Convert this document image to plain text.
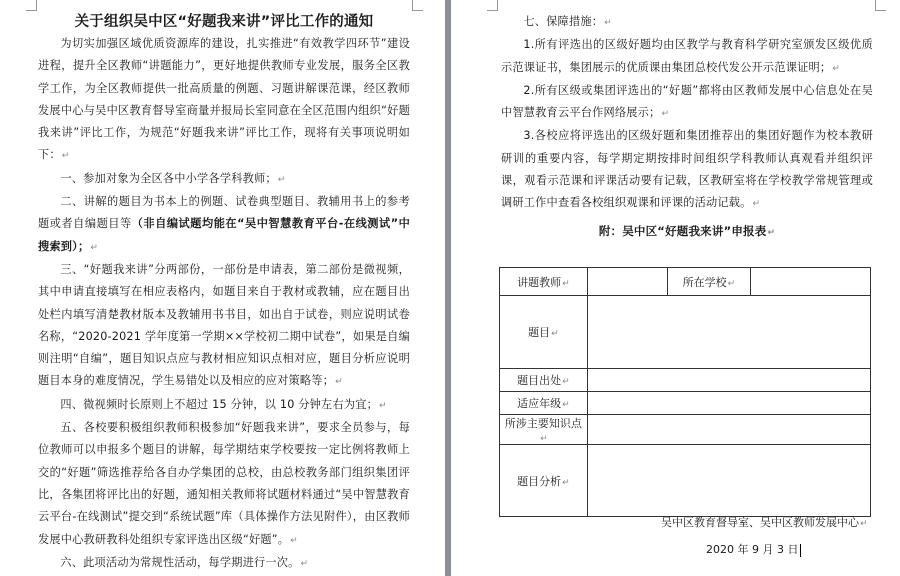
关于组织吴中区“好题我来讲”评比工作的通知

为切实加强区域优质资源库的建设，扎实推进“有效教学四环节”建设进程，提升全区教师“讲题能力”，更好地提供教师专业发展，服务全区教学工作，为全区教师提供一批高质量的例题、习题讲解课范课，经区教师发展中心与吴中区教育督导室商量并报局长室同意在全区范围内组织“好题我来讲”评比工作，为规范“好题我来讲”评比工作，现将有关事项说明如下：↵

一、参加对象为全区各中小学各学科教师；↵

二、讲解的题目为书本上的例题、试卷典型题目、教辅用书上的参考题或者自编题目等（非自编试题均能在“吴中智慧教育平台-在线测试”中搜索到）；↵

三、“好题我来讲”分两部份，一部份是申请表，第二部份是微视频，其中申请直接填写在相应表格内，如题目来自于教材或教辅，应在题目出处栏内填写清楚教材版本及教辅用书书目，如出自于试卷，则应说明试卷名称，“2020-2021 学年度第一学期××学校初二期中试卷”，如果是自编则注明“自编”，题目知识点应与教材相应知识点相对应，题目分析应说明题目本身的难度情况，学生易错处以及相应的应对策略等；↵

四、微视频时长原则上不超过 15 分钟，以 10 分钟左右为宜；↵

五、各校要积极组织教师积极参加“好题我来讲”，要求全员参与，每位教师可以申报多个题目的讲解，每学期结束学校要按一定比例将教师上交的“好题”筛选推荐给各自办学集团的总校，由总校教务部门组织集团评比，各集团将评比出的好题，通知相关教师将试题材料通过“吴中智慧教育云平台-在线测试”提交到“系统试题”库（具体操作方法见附件），由区教师发展中心教研教科处组织专家评选出区级“好题”。↵

六、此项活动为常规性活动，每学期进行一次。↵

七、保障措施：↵

1.所有评选出的区级好题均由区教学与教育科学研究室颁发区级优质示范课证书，集团展示的优质课由集团总校代发公开示范课证明；↵

2.所有区级或集团评选出的“好题”都将由区教师发展中心信息处在吴中智慧教育云平台作网络展示；↵

3.各校应将评选出的区级好题和集团推荐出的集团好题作为校本教研研训的重要内容，每学期定期按排时间组织学科教师认真观看并组织评课，观看示范课和评课活动要有记载，区教研室将在学校教学常规管理或调研工作中查看各校组织观课和评课的活动记载。↵

附：吴中区“好题我来讲”申报表↵
讲题教师↵		所在学校↵	
题目↵			
题目出处↵			
适应年级↵			
所涉主要知识点↵			
题目分析↵			
吴中区教育督导室、吴中区教师发展中心↵
2020 年 9 月 3 日
